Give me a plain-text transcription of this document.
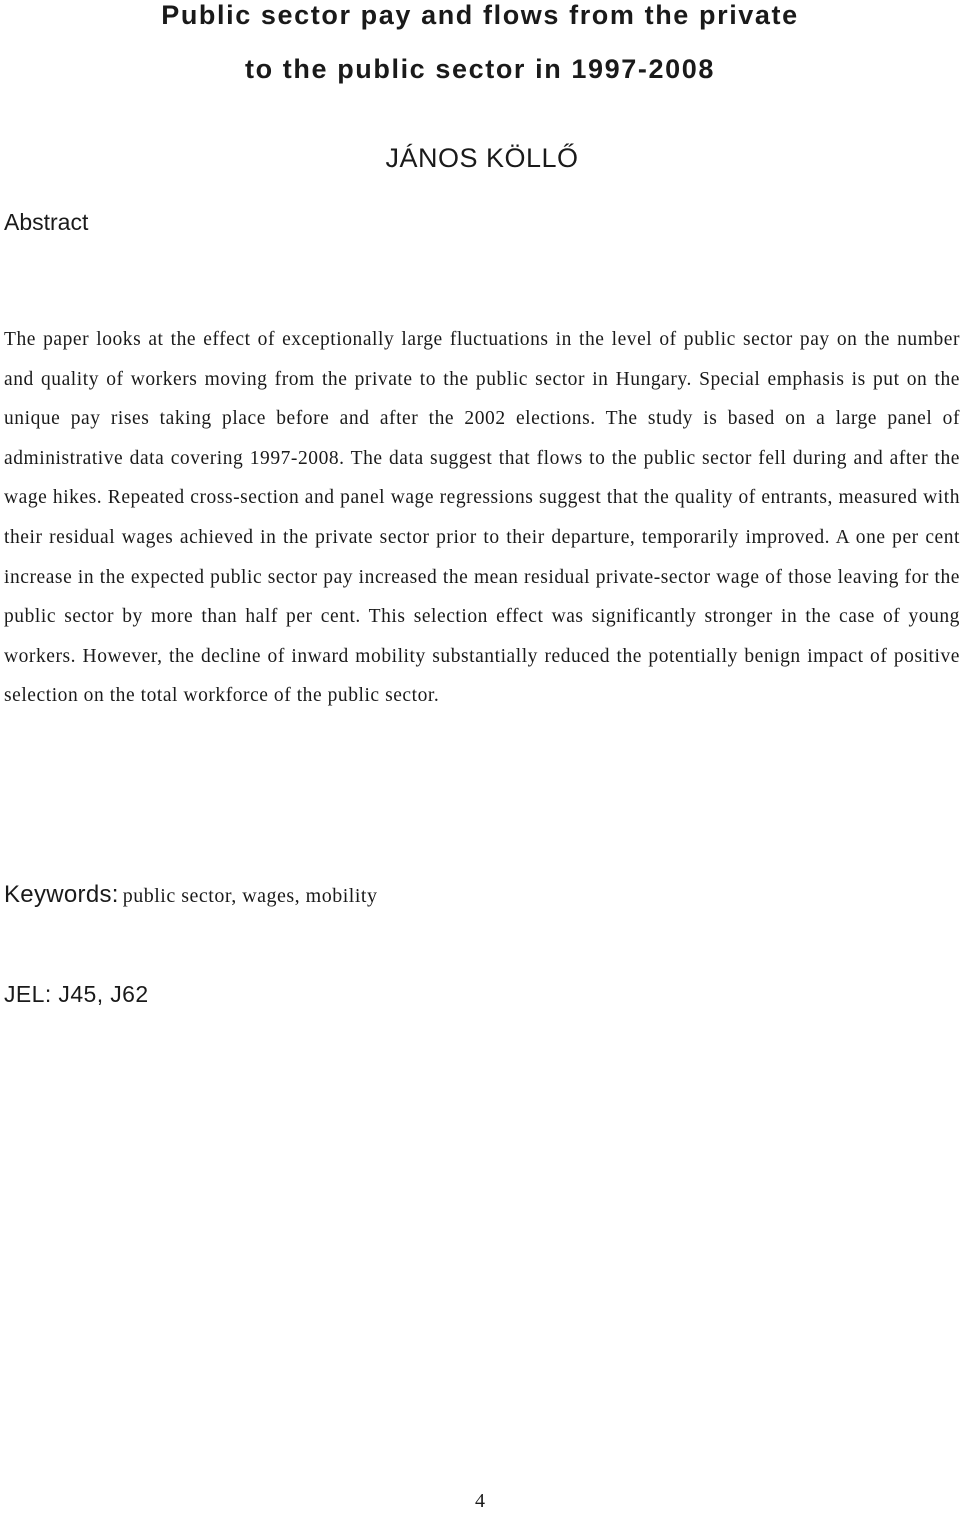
Public sector pay and flows from the private
to the public sector in 1997-2008
JÁNOS KÖLLŐ
Abstract

The paper looks at the effect of exceptionally large fluctuations in the level of public sector pay on the number and quality of workers moving from the private to the public sector in Hungary. Special emphasis is put on the unique pay rises taking place before and after the 2002 elections. The study is based on a large panel of administrative data covering 1997-2008. The data suggest that flows to the public sector fell during and after the wage hikes. Repeated cross-section and panel wage regressions suggest that the quality of entrants, measured with their residual wages achieved in the private sector prior to their departure, temporarily improved. A one per cent increase in the expected public sector pay increased the mean residual private-sector wage of those leaving for the public sector by more than half per cent. This selection effect was significantly stronger in the case of young workers. However, the decline of inward mobility substantially reduced the potentially benign impact of positive selection on the total workforce of the public sector.

Keywords: public sector, wages, mobility
JEL: J45, J62
4
